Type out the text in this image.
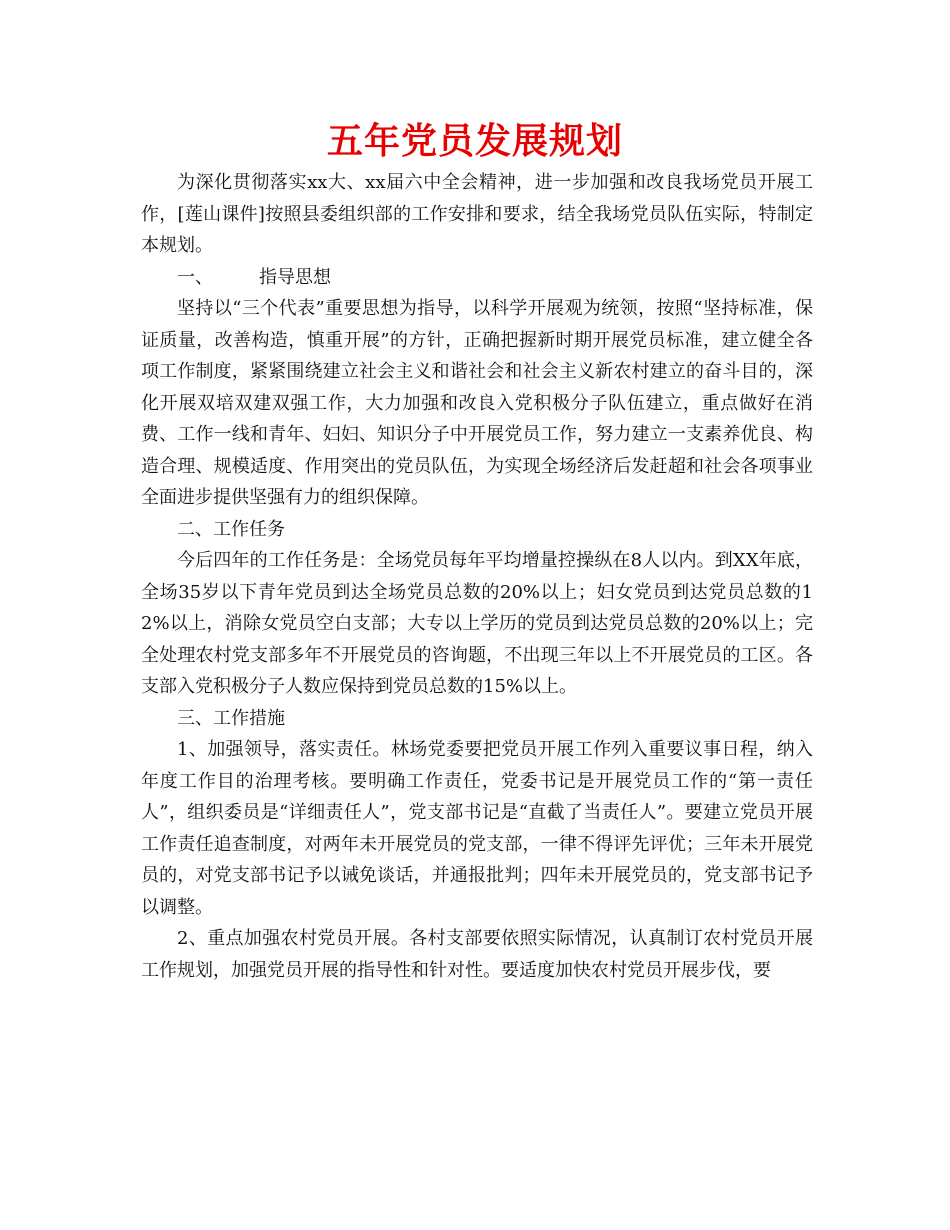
五年党员发展规划

为深化贯彻落实xx大、xx届六中全会精神，进一步加强和改良我场党员开展工作，[莲山课件]按照县委组织部的工作安排和要求，结全我场党员队伍实际，特制定本规划。

一、	指导思想

坚持以“三个代表”重要思想为指导，以科学开展观为统领，按照“坚持标准，保证质量，改善构造，慎重开展”的方针，正确把握新时期开展党员标准，建立健全各项工作制度，紧紧围绕建立社会主义和谐社会和社会主义新农村建立的奋斗目的，深化开展双培双建双强工作，大力加强和改良入党积极分子队伍建立，重点做好在消费、工作一线和青年、妇妇、知识分子中开展党员工作，努力建立一支素养优良、构造合理、规模适度、作用突出的党员队伍，为实现全场经济后发赶超和社会各项事业全面进步提供坚强有力的组织保障。

二、工作任务

今后四年的工作任务是：全场党员每年平均增量控操纵在8人以内。到XX年底，全场35岁以下青年党员到达全场党员总数的20%以上；妇女党员到达党员总数的12%以上，消除女党员空白支部；大专以上学历的党员到达党员总数的20%以上；完全处理农村党支部多年不开展党员的咨询题，不出现三年以上不开展党员的工区。各支部入党积极分子人数应保持到党员总数的15%以上。

三、工作措施

1、加强领导，落实责任。林场党委要把党员开展工作列入重要议事日程，纳入年度工作目的治理考核。要明确工作责任，党委书记是开展党员工作的“第一责任人”，组织委员是“详细责任人”，党支部书记是“直截了当责任人”。要建立党员开展工作责任追查制度，对两年未开展党员的党支部，一律不得评先评优；三年未开展党员的，对党支部书记予以诫免谈话，并通报批判；四年未开展党员的，党支部书记予以调整。

2、重点加强农村党员开展。各村支部要依照实际情况，认真制订农村党员开展工作规划，加强党员开展的指导性和针对性。要适度加快农村党员开展步伐，要
